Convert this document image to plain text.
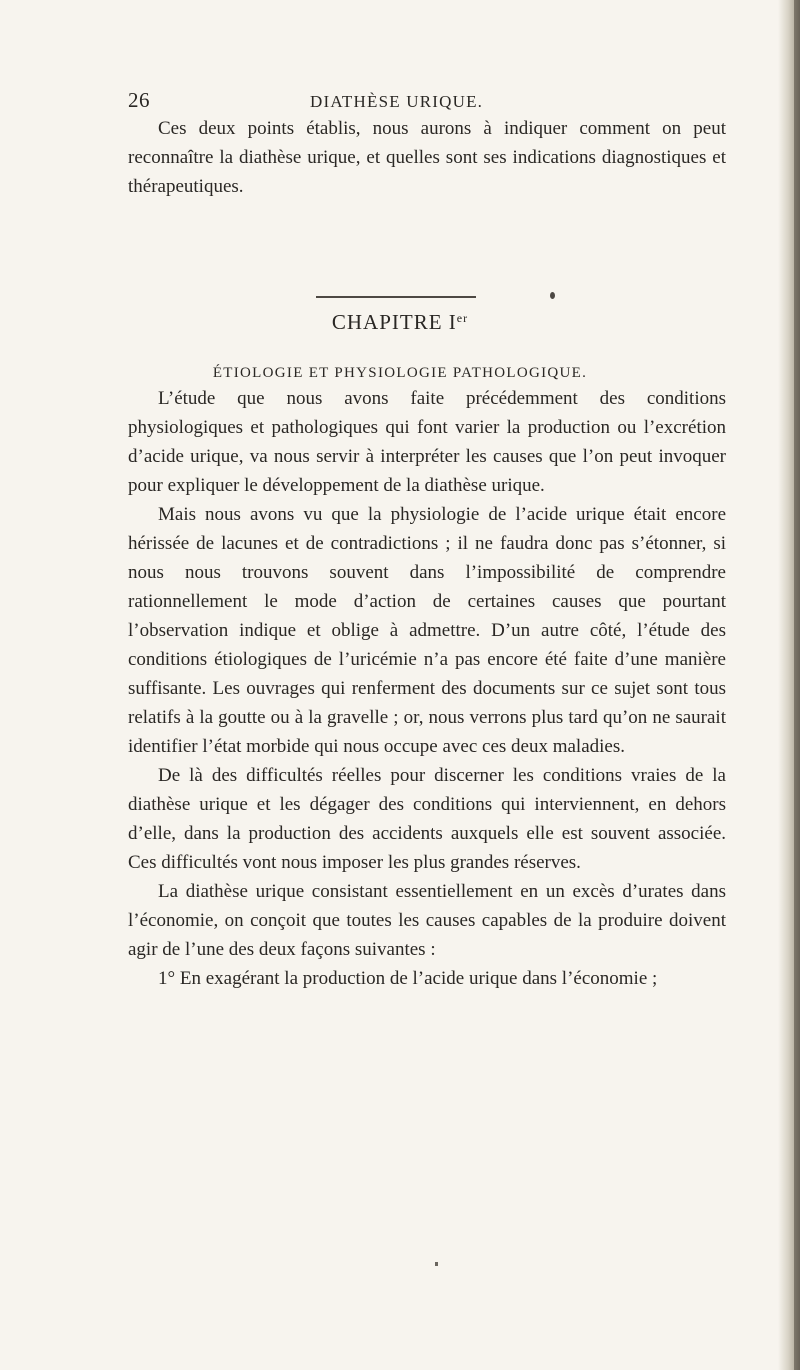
26	DIATHÈSE URIQUE.

Ces deux points établis, nous aurons à indiquer comment on peut reconnaître la diathèse urique, et quelles sont ses indications diagnostiques et thérapeutiques.

CHAPITRE Ier
ÉTIOLOGIE ET PHYSIOLOGIE PATHOLOGIQUE.

L’étude que nous avons faite précédemment des conditions physiologiques et pathologiques qui font varier la production ou l’excrétion d’acide urique, va nous servir à interpréter les causes que l’on peut invoquer pour expliquer le développement de la diathèse urique.

Mais nous avons vu que la physiologie de l’acide urique était encore hérissée de lacunes et de contradictions ; il ne faudra donc pas s’étonner, si nous nous trouvons souvent dans l’impossibilité de comprendre rationnellement le mode d’action de certaines causes que pourtant l’observation indique et oblige à admettre. D’un autre côté, l’étude des conditions étiologiques de l’uricémie n’a pas encore été faite d’une manière suffisante. Les ouvrages qui renferment des documents sur ce sujet sont tous relatifs à la goutte ou à la gravelle ; or, nous verrons plus tard qu’on ne saurait identifier l’état morbide qui nous occupe avec ces deux maladies.

De là des difficultés réelles pour discerner les conditions vraies de la diathèse urique et les dégager des conditions qui interviennent, en dehors d’elle, dans la production des accidents auxquels elle est souvent associée. Ces difficultés vont nous imposer les plus grandes réserves.

La diathèse urique consistant essentiellement en un excès d’urates dans l’économie, on conçoit que toutes les causes capables de la produire doivent agir de l’une des deux façons suivantes :

1° En exagérant la production de l’acide urique dans l’économie ;
